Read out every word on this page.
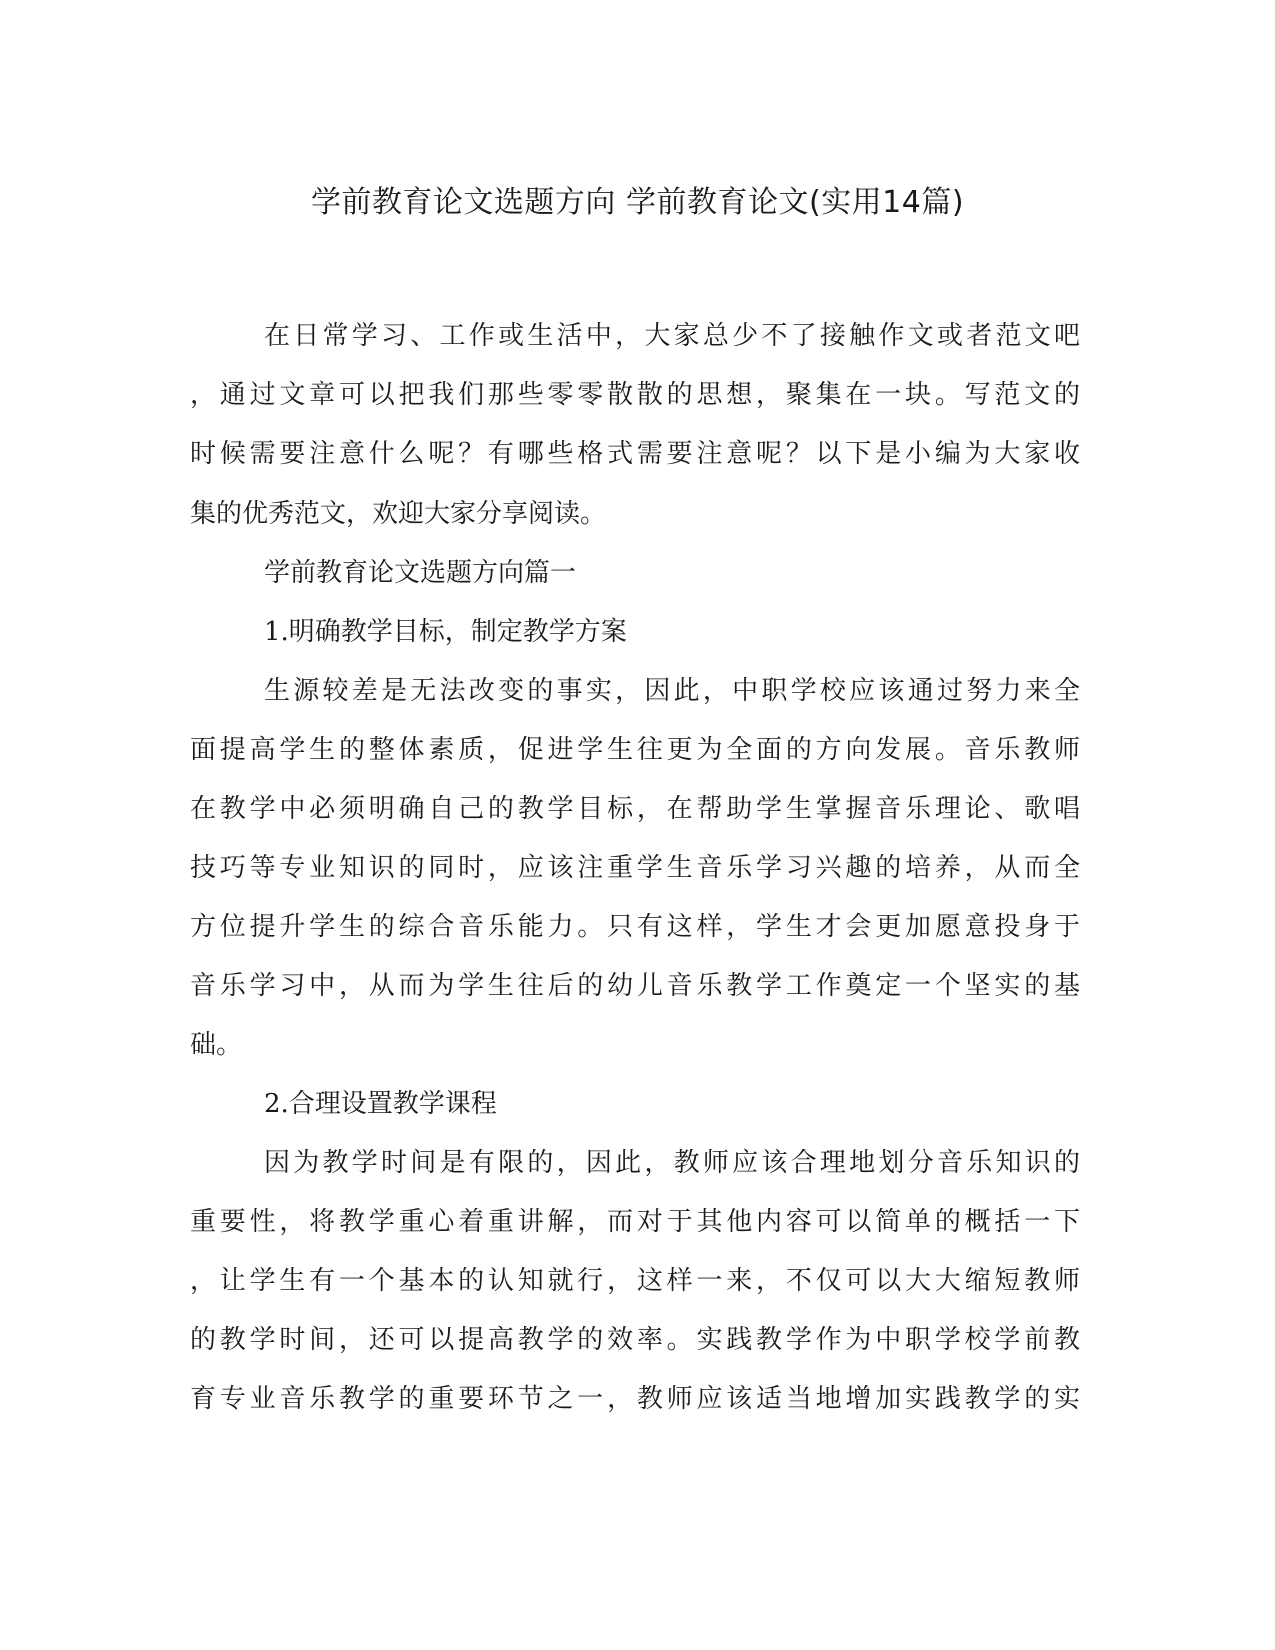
学前教育论文选题方向 学前教育论文(实用14篇)

在日常学习、工作或生活中，大家总少不了接触作文或者范文吧

，通过文章可以把我们那些零零散散的思想，聚集在一块。写范文的

时候需要注意什么呢？有哪些格式需要注意呢？以下是小编为大家收

集的优秀范文，欢迎大家分享阅读。

学前教育论文选题方向篇一

1.明确教学目标，制定教学方案

生源较差是无法改变的事实，因此，中职学校应该通过努力来全

面提高学生的整体素质，促进学生往更为全面的方向发展。音乐教师

在教学中必须明确自己的教学目标，在帮助学生掌握音乐理论、歌唱

技巧等专业知识的同时，应该注重学生音乐学习兴趣的培养，从而全

方位提升学生的综合音乐能力。只有这样，学生才会更加愿意投身于

音乐学习中，从而为学生往后的幼儿音乐教学工作奠定一个坚实的基

础。

2.合理设置教学课程

因为教学时间是有限的，因此，教师应该合理地划分音乐知识的

重要性，将教学重心着重讲解，而对于其他内容可以简单的概括一下

，让学生有一个基本的认知就行，这样一来，不仅可以大大缩短教师

的教学时间，还可以提高教学的效率。实践教学作为中职学校学前教

育专业音乐教学的重要环节之一，教师应该适当地增加实践教学的实
